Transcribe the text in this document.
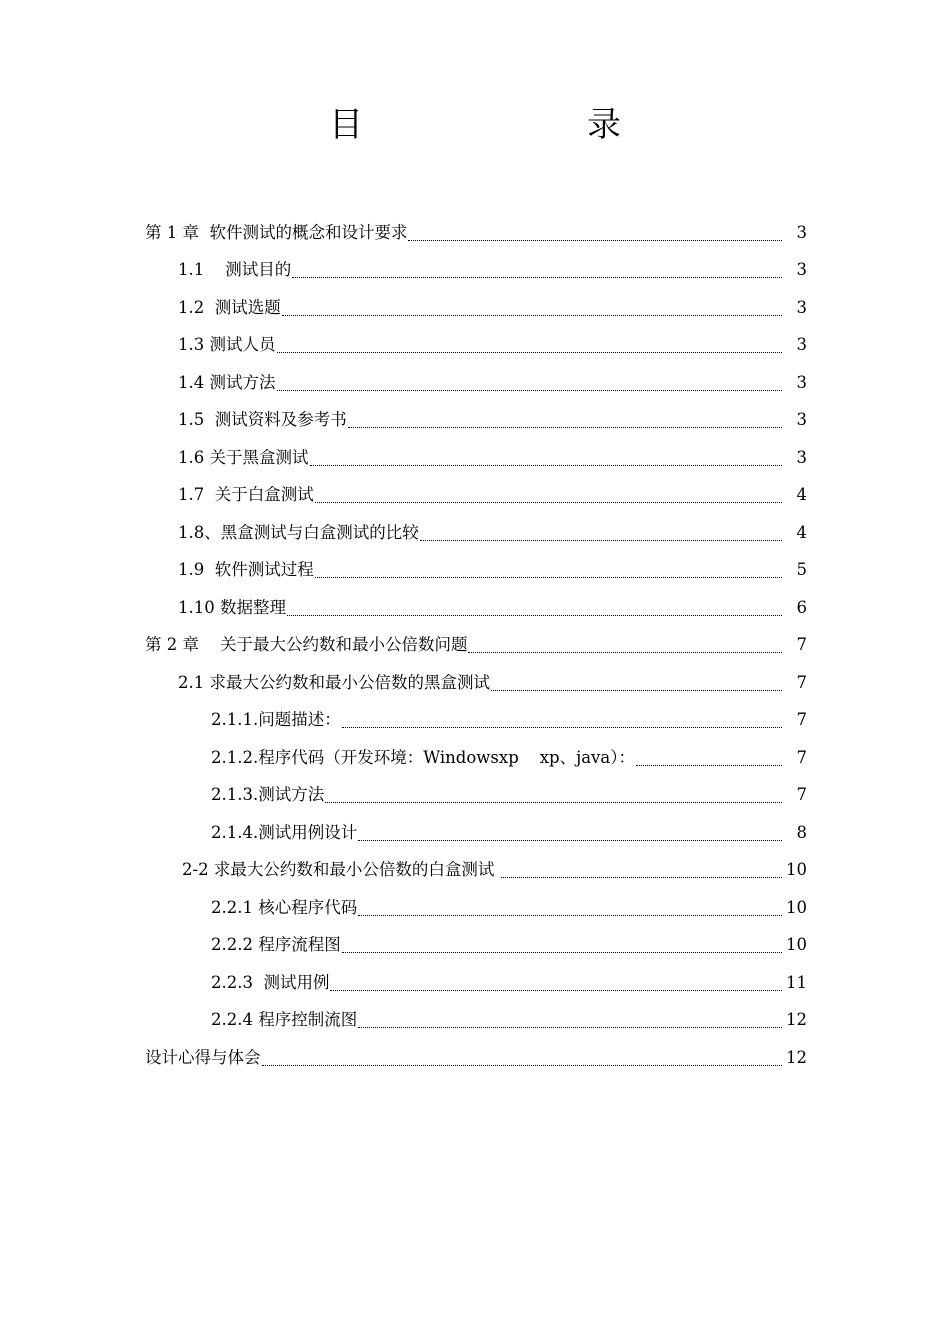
目　　录
第 1 章  软件测试的概念和设计要求	3
1.1    测试目的	3
1.2  测试选题	3
1.3 测试人员	3
1.4 测试方法	3
1.5  测试资料及参考书	3
1.6 关于黑盒测试	3
1.7  关于白盒测试	4
1.8、黑盒测试与白盒测试的比较	4
1.9  软件测试过程	5
1.10 数据整理	6
第 2 章    关于最大公约数和最小公倍数问题	7
2.1 求最大公约数和最小公倍数的黑盒测试	7
2.1.1.问题描述：	7
2.1.2.程序代码（开发环境：Windowsxp    xp、java）：	7
2.1.3.测试方法	7
2.1.4.测试用例设计	8
2-2 求最大公约数和最小公倍数的白盒测试	10
2.2.1 核心程序代码	10
2.2.2 程序流程图	10
2.2.3  测试用例	11
2.2.4 程序控制流图	12
设计心得与体会	12
